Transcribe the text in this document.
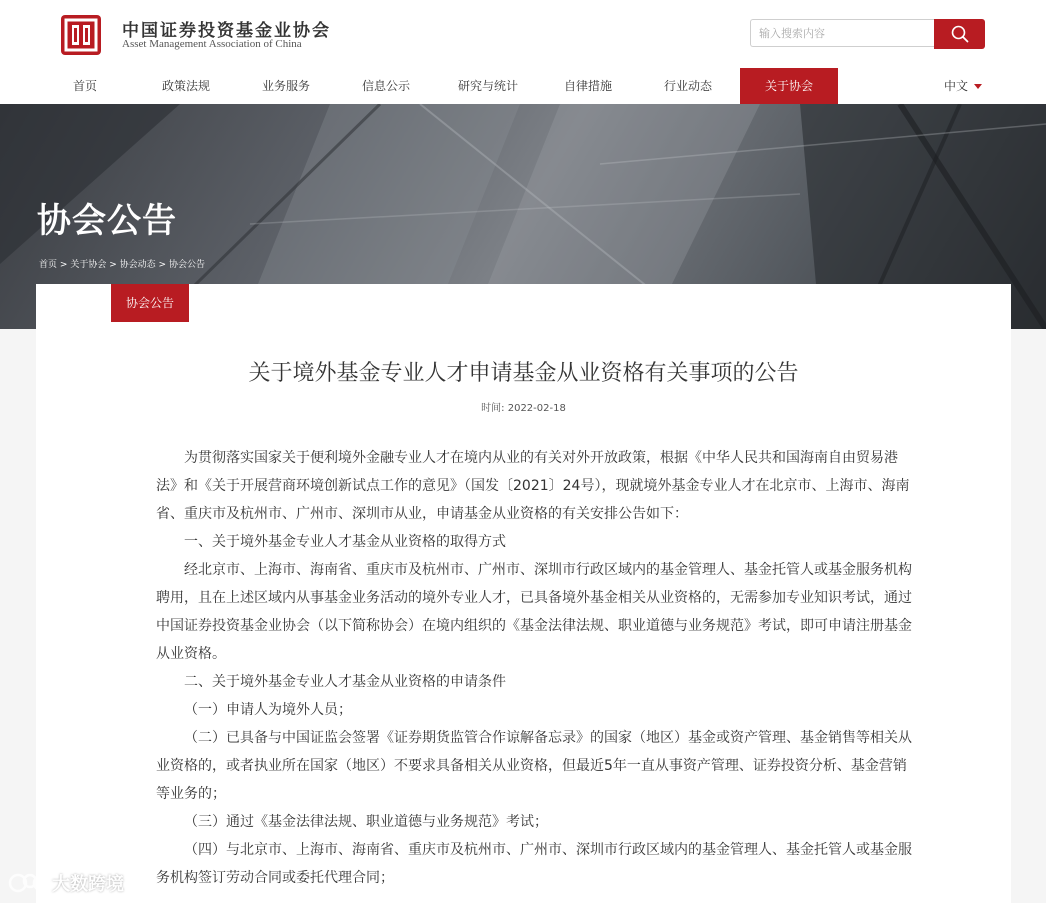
中国证券投资基金业协会
Asset Management Association of China
输入搜索内容
首页	政策法规	业务服务	信息公示	研究与统计	自律措施	行业动态	关于协会	中文
协会公告
首页 > 关于协会 > 协会动态 > 协会公告
协会公告
关于境外基金专业人才申请基金从业资格有关事项的公告
时间: 2022-02-18

为贯彻落实国家关于便利境外金融专业人才在境内从业的有关对外开放政策，根据《中华人民共和国海南自由贸易港法》和《关于开展营商环境创新试点工作的意见》（国发〔2021〕24号），现就境外基金专业人才在北京市、上海市、海南省、重庆市及杭州市、广州市、深圳市从业，申请基金从业资格的有关安排公告如下：

一、关于境外基金专业人才基金从业资格的取得方式

经北京市、上海市、海南省、重庆市及杭州市、广州市、深圳市行政区域内的基金管理人、基金托管人或基金服务机构聘用，且在上述区域内从事基金业务活动的境外专业人才，已具备境外基金相关从业资格的，无需参加专业知识考试，通过中国证券投资基金业协会（以下简称协会）在境内组织的《基金法律法规、职业道德与业务规范》考试，即可申请注册基金从业资格。

二、关于境外基金专业人才基金从业资格的申请条件

（一）申请人为境外人员；

（二）已具备与中国证监会签署《证券期货监管合作谅解备忘录》的国家（地区）基金或资产管理、基金销售等相关从业资格的，或者执业所在国家（地区）不要求具备相关从业资格，但最近5年一直从事资产管理、证券投资分析、基金营销等业务的；

（三）通过《基金法律法规、职业道德与业务规范》考试；

（四）与北京市、上海市、海南省、重庆市及杭州市、广州市、深圳市行政区域内的基金管理人、基金托管人或基金服务机构签订劳动合同或委托代理合同；

大数跨境
